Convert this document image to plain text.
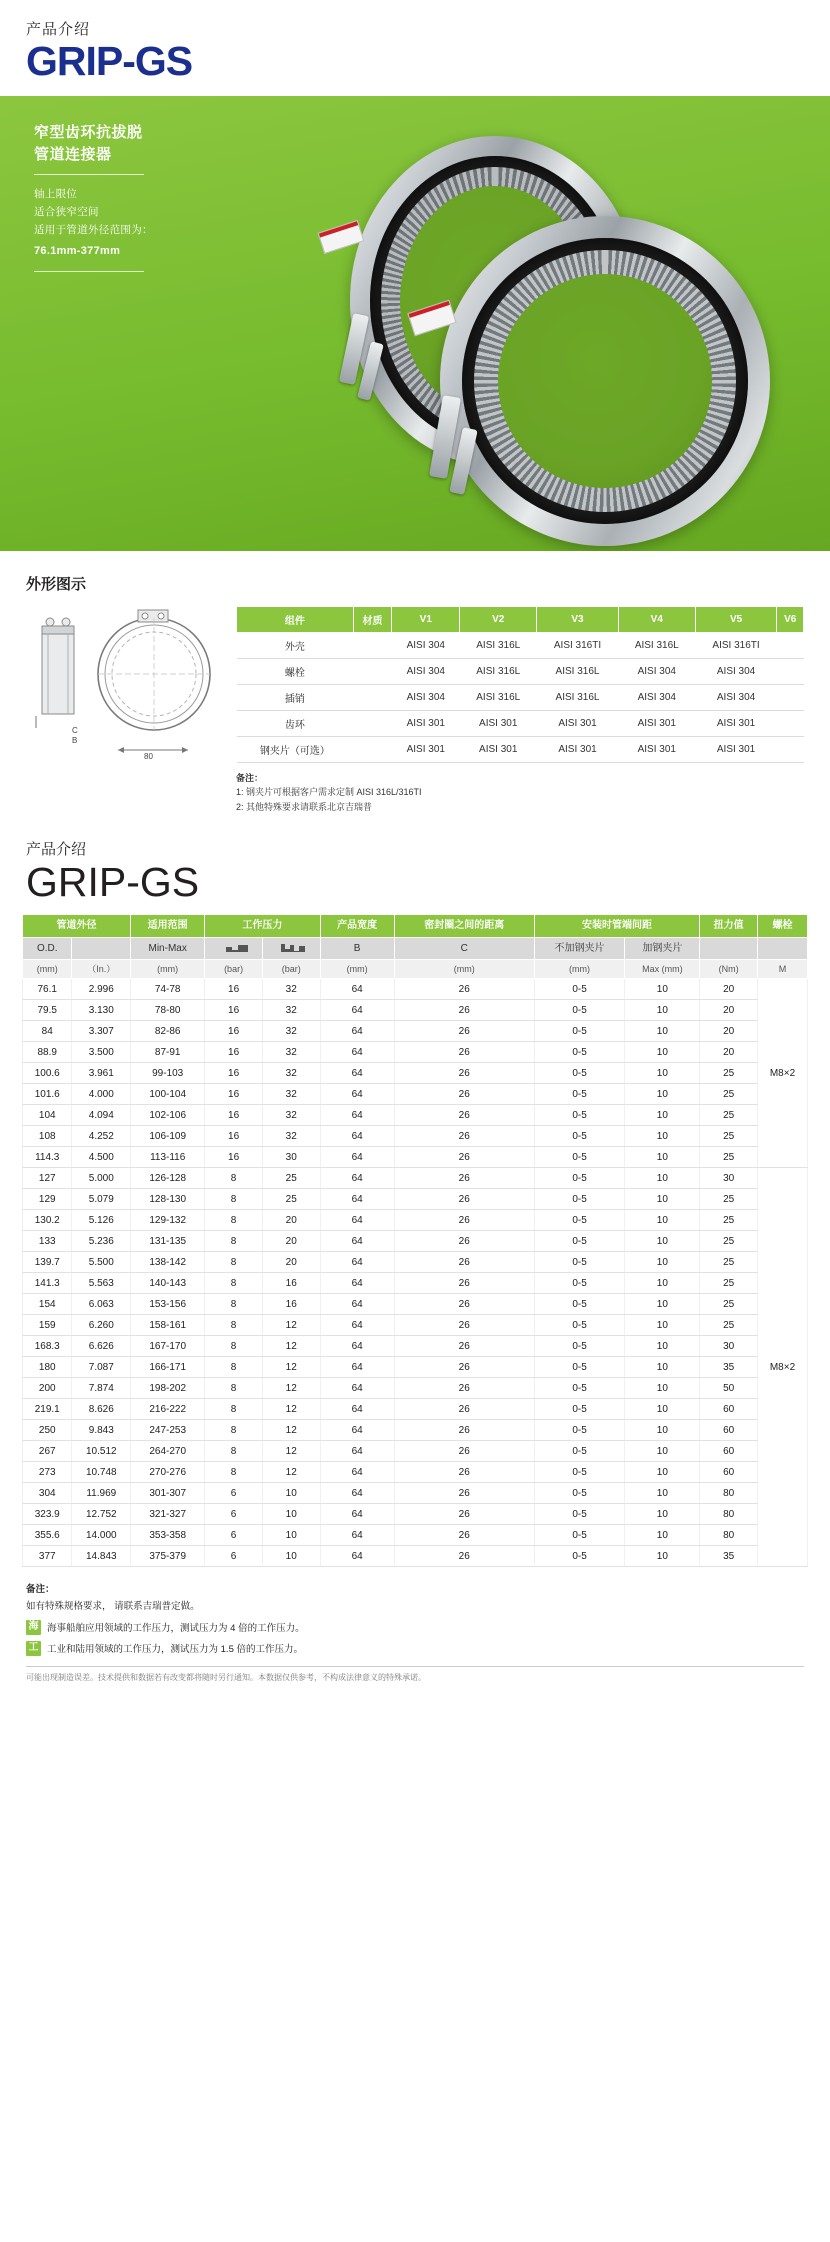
产品介绍
GRIP-GS
窄型齿环抗拔脱
管道连接器
轴上限位
适合狭窄空间
适用于管道外径范围为：
76.1mm-377mm
外形图示
C
B
80
组件	材质	V1	V2	V3	V4	V5	V6
外壳		AISI 304	AISI 316L	AISI 316TI	AISI 316L	AISI 316TI	
螺栓		AISI 304	AISI 316L	AISI 316L	AISI 304	AISI 304	
插销		AISI 304	AISI 316L	AISI 316L	AISI 304	AISI 304	
齿环		AISI 301	AISI 301	AISI 301	AISI 301	AISI 301	
钢夹片（可选）		AISI 301	AISI 301	AISI 301	AISI 301	AISI 301	
备注：
1: 钢夹片可根据客户需求定制 AISI 316L/316TI
2: 其他特殊要求请联系北京吉瑞普
产品介绍
GRIP-GS
管道外径		适用范围	工作压力		产品宽度	密封圈之间的距离	安装时管端间距		扭力值	螺栓
O.D.		Min-Max			B	C	不加钢夹片	加钢夹片		
(mm)	（In.）	(mm)	(bar)	(bar)	(mm)	(mm)	(mm)	Max (mm)	(Nm)	M
76.1	2.996	74-78	16	32	64	26	0-5	10	20	M8×2
79.5	3.130	78-80	16	32	64	26	0-5	10	20	
84	3.307	82-86	16	32	64	26	0-5	10	20	
88.9	3.500	87-91	16	32	64	26	0-5	10	20	
100.6	3.961	99-103	16	32	64	26	0-5	10	25	
101.6	4.000	100-104	16	32	64	26	0-5	10	25	
104	4.094	102-106	16	32	64	26	0-5	10	25	
108	4.252	106-109	16	32	64	26	0-5	10	25	
114.3	4.500	113-116	16	30	64	26	0-5	10	25	
127	5.000	126-128	8	25	64	26	0-5	10	30	M8×2
129	5.079	128-130	8	25	64	26	0-5	10	25	
130.2	5.126	129-132	8	20	64	26	0-5	10	25	
133	5.236	131-135	8	20	64	26	0-5	10	25	
139.7	5.500	138-142	8	20	64	26	0-5	10	25	
141.3	5.563	140-143	8	16	64	26	0-5	10	25	
154	6.063	153-156	8	16	64	26	0-5	10	25	
159	6.260	158-161	8	12	64	26	0-5	10	25	
168.3	6.626	167-170	8	12	64	26	0-5	10	30	
180	7.087	166-171	8	12	64	26	0-5	10	35	
200	7.874	198-202	8	12	64	26	0-5	10	50	
219.1	8.626	216-222	8	12	64	26	0-5	10	60	
250	9.843	247-253	8	12	64	26	0-5	10	60	
267	10.512	264-270	8	12	64	26	0-5	10	60	
273	10.748	270-276	8	12	64	26	0-5	10	60	
304	11.969	301-307	6	10	64	26	0-5	10	80	
323.9	12.752	321-327	6	10	64	26	0-5	10	80	
355.6	14.000	353-358	6	10	64	26	0-5	10	80	
377	14.843	375-379	6	10	64	26	0-5	10	35	
备注：
如有特殊规格要求， 请联系吉瑞普定做。
海 海事船舶应用领域的工作压力，测试压力为 4 倍的工作压力。
工 工业和陆用领域的工作压力，测试压力为 1.5 倍的工作压力。
可能出现制造误差。技术提供和数据若有改变都将随时另行通知。本数据仅供参考，不构成法律意义的特殊承诺。
